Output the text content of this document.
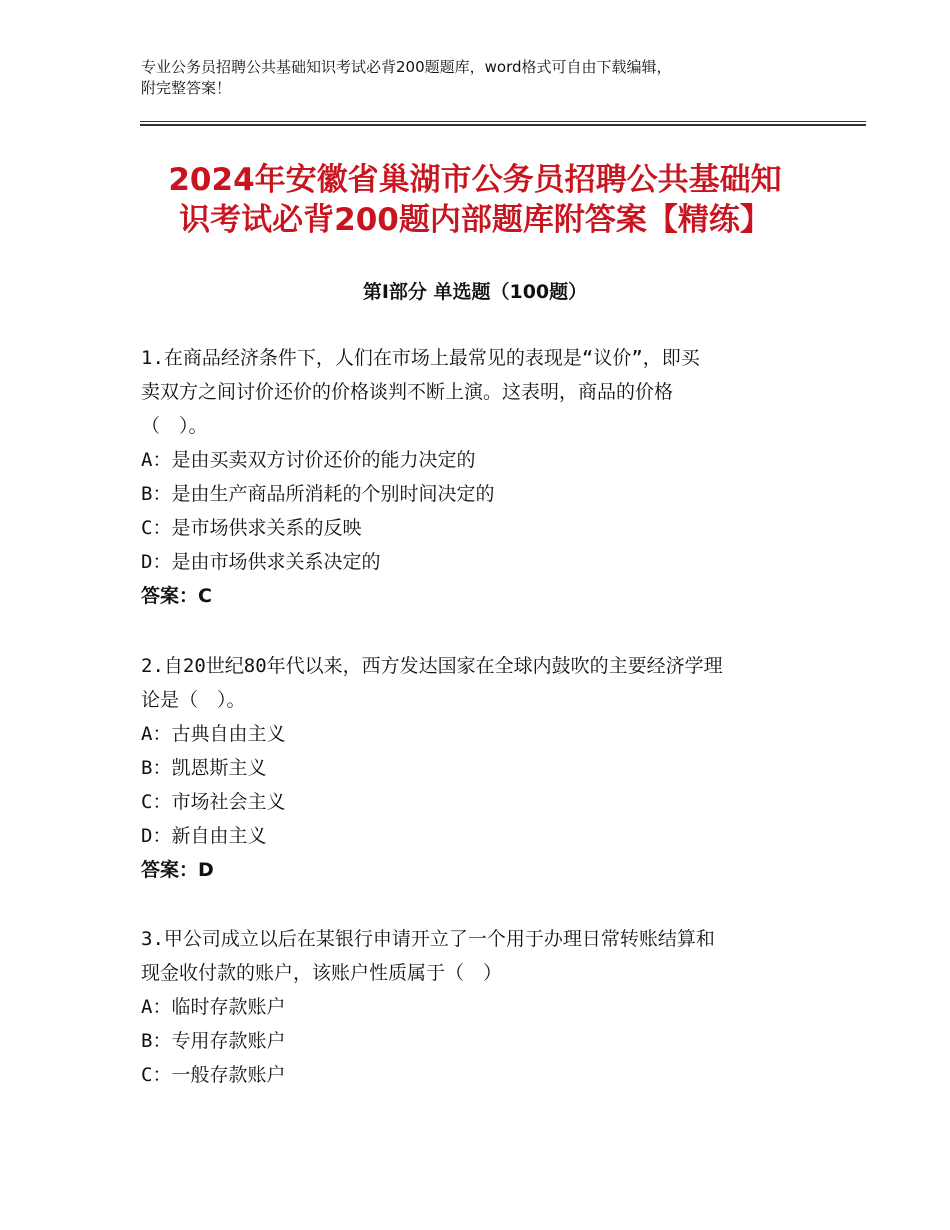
专业公务员招聘公共基础知识考试必背200题题库，word格式可自由下载编辑，
附完整答案！
2024年安徽省巢湖市公务员招聘公共基础知
识考试必背200题内部题库附答案【精练】
第Ⅰ部分 单选题（100题）
1.在商品经济条件下，人们在市场上最常见的表现是“议价”，即买
卖双方之间讨价还价的价格谈判不断上演。这表明，商品的价格
（　）。
A：是由买卖双方讨价还价的能力决定的
B：是由生产商品所消耗的个别时间决定的
C：是市场供求关系的反映
D：是由市场供求关系决定的
答案：C
2.自20世纪80年代以来，西方发达国家在全球内鼓吹的主要经济学理
论是（　）。
A：古典自由主义
B：凯恩斯主义
C：市场社会主义
D：新自由主义
答案：D
3.甲公司成立以后在某银行申请开立了一个用于办理日常转账结算和
现金收付款的账户，该账户性质属于（　）
A：临时存款账户
B：专用存款账户
C：一般存款账户
